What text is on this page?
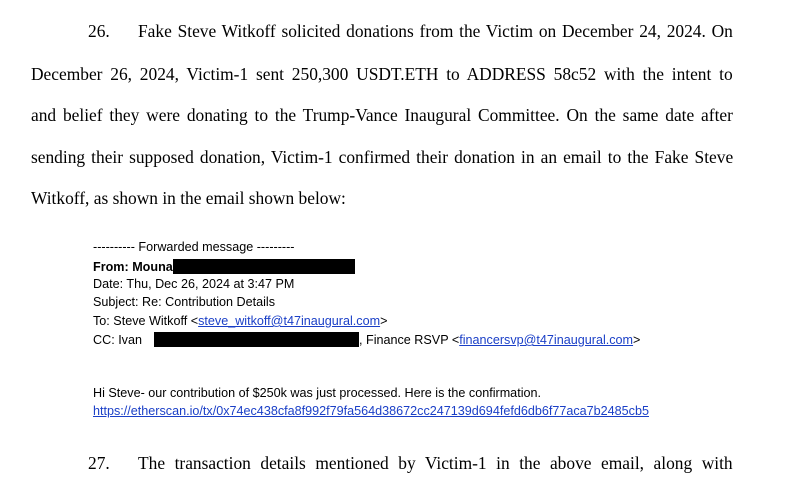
26. Fake Steve Witkoff solicited donations from the Victim on December 24, 2024. On
December 26, 2024, Victim-1 sent 250,300 USDT.ETH to ADDRESS 58c52 with the intent to
and belief they were donating to the Trump-Vance Inaugural Committee. On the same date after
sending their supposed donation, Victim-1 confirmed their donation in an email to the Fake Steve
Witkoff, as shown in the email shown below:
---------- Forwarded message ---------
From: Mouna
Date: Thu, Dec 26, 2024 at 3:47 PM
Subject: Re: Contribution Details
To: Steve Witkoff <steve_witkoff@t47inaugural.com>
CC: Ivan	, Finance RSVP <financersvp@t47inaugural.com>
Hi Steve- our contribution of $250k was just processed. Here is the confirmation.
https://etherscan.io/tx/0x74ec438cfa8f992f79fa564d38672cc247139d694fefd6db6f77aca7b2485cb5
27. The transaction details mentioned by Victim-1 in the above email, along with
